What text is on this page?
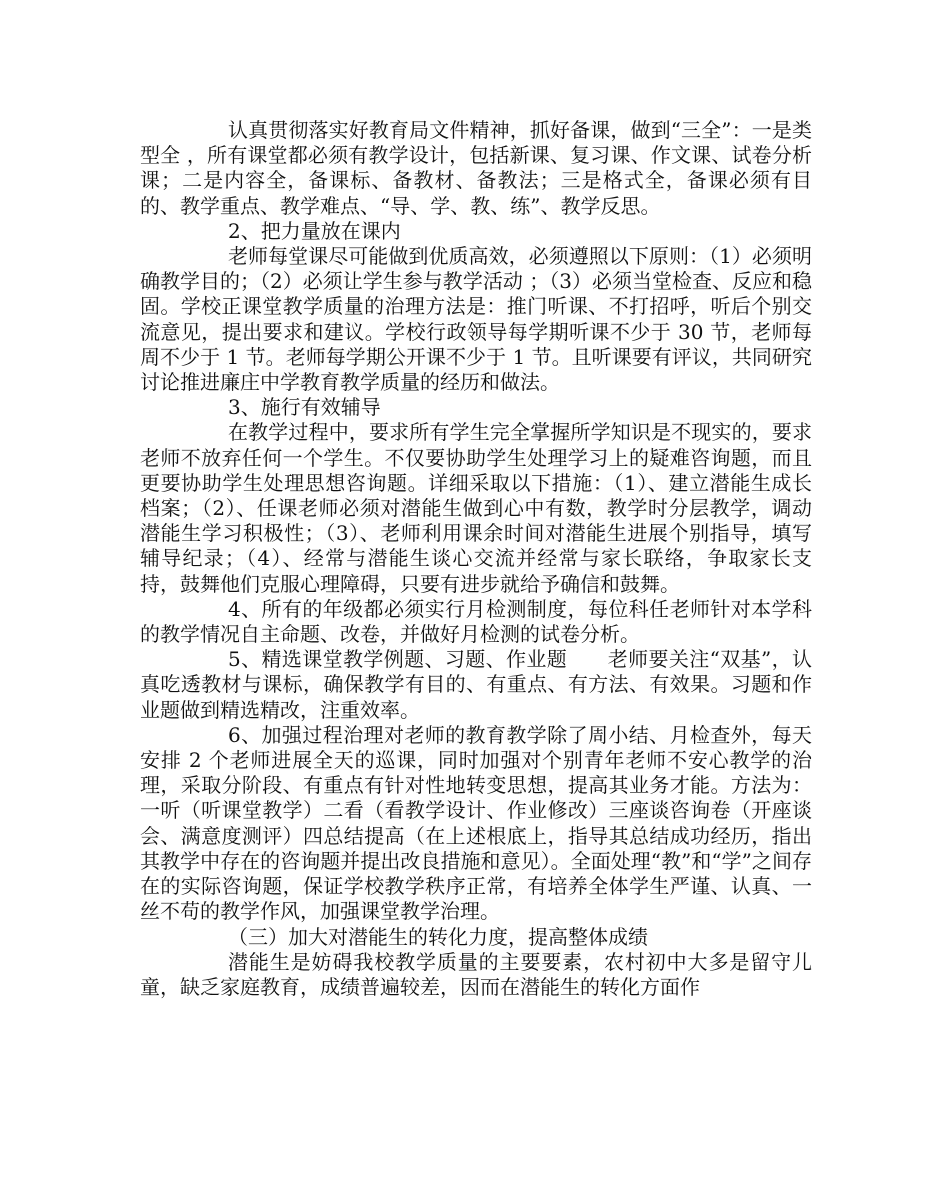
认真贯彻落实好教育局文件精神，抓好备课，做到“三全”：一是类型全 ，所有课堂都必须有教学设计，包括新课、复习课、作文课、试卷分析课；二是内容全，备课标、备教材、备教法；三是格式全，备课必须有目的、教学重点、教学难点、“导、学、教、练”、教学反思。

2、把力量放在课内

老师每堂课尽可能做到优质高效，必须遵照以下原则：（1）必须明确教学目的；（2）必须让学生参与教学活动 ；（3）必须当堂检查、反应和稳固。学校正课堂教学质量的治理方法是：推门听课、不打招呼，听后个别交流意见，提出要求和建议。学校行政领导每学期听课不少于 30 节，老师每周不少于 1 节。老师每学期公开课不少于 1 节。且听课要有评议，共同研究讨论推进廉庄中学教育教学质量的经历和做法。

3、施行有效辅导

在教学过程中，要求所有学生完全掌握所学知识是不现实的，要求老师不放弃任何一个学生。不仅要协助学生处理学习上的疑难咨询题，而且更要协助学生处理思想咨询题。详细采取以下措施：（1）、建立潜能生成长档案；（2）、任课老师必须对潜能生做到心中有数，教学时分层教学，调动潜能生学习积极性；（3）、老师利用课余时间对潜能生进展个别指导，填写辅导纪录；（4）、经常与潜能生谈心交流并经常与家长联络，争取家长支持，鼓舞他们克服心理障碍，只要有进步就给予确信和鼓舞。

4、所有的年级都必须实行月检测制度，每位科任老师针对本学科的教学情况自主命题、改卷，并做好月检测的试卷分析。

5、精选课堂教学例题、习题、作业题　　老师要关注“双基”，认真吃透教材与课标，确保教学有目的、有重点、有方法、有效果。习题和作业题做到精选精改，注重效率。

6、加强过程治理对老师的教育教学除了周小结、月检查外，每天安排 2 个老师进展全天的巡课，同时加强对个别青年老师不安心教学的治理，采取分阶段、有重点有针对性地转变思想，提高其业务才能。方法为：一听（听课堂教学）二看（看教学设计、作业修改）三座谈咨询卷（开座谈会、满意度测评）四总结提高（在上述根底上，指导其总结成功经历，指出其教学中存在的咨询题并提出改良措施和意见）。全面处理“教”和“学”之间存在的实际咨询题，保证学校教学秩序正常，有培养全体学生严谨、认真、一丝不苟的教学作风，加强课堂教学治理。

（三）加大对潜能生的转化力度，提高整体成绩

潜能生是妨碍我校教学质量的主要要素，农村初中大多是留守儿童，缺乏家庭教育，成绩普遍较差，因而在潜能生的转化方面作
